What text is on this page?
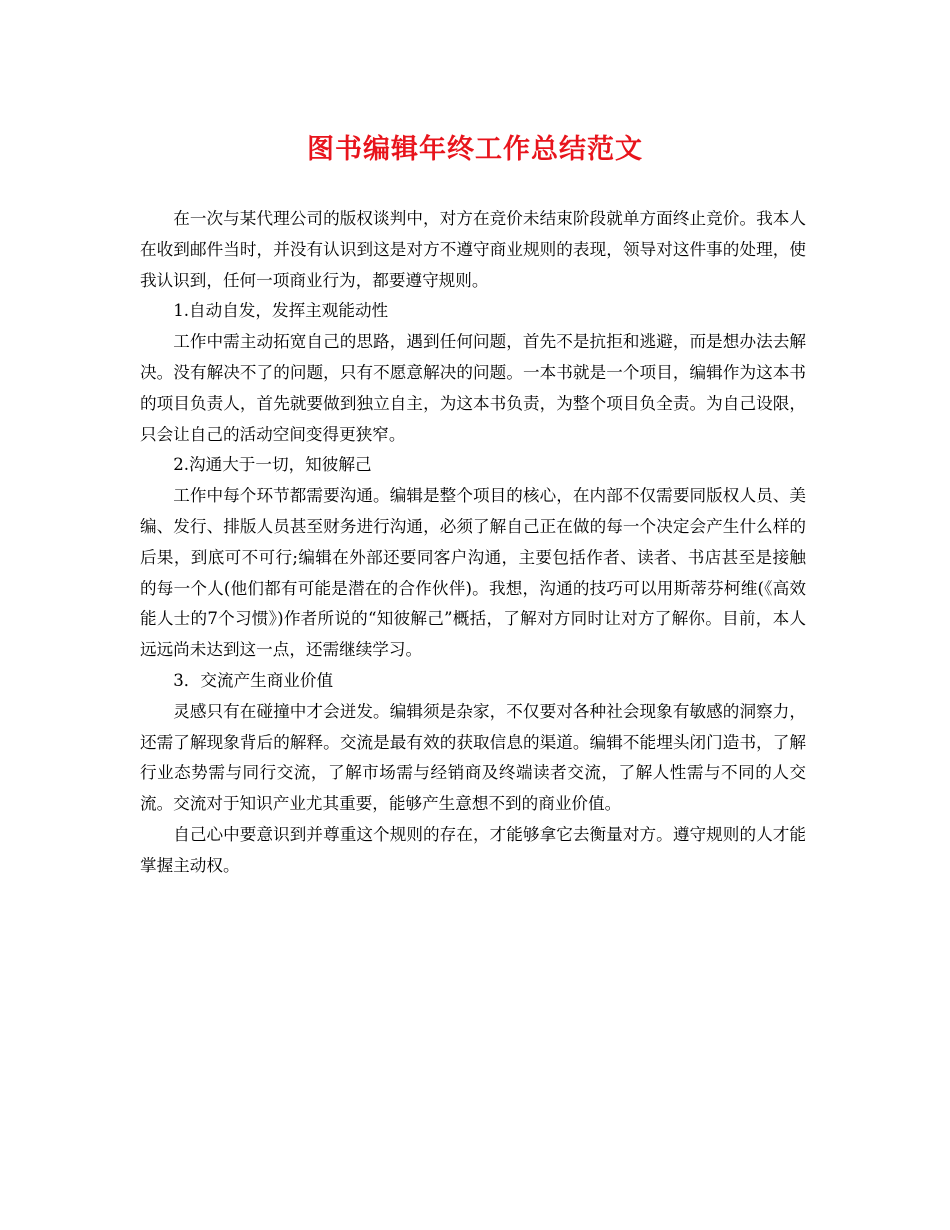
图书编辑年终工作总结范文

在一次与某代理公司的版权谈判中，对方在竞价未结束阶段就单方面终止竞价。我本人在收到邮件当时，并没有认识到这是对方不遵守商业规则的表现，领导对这件事的处理，使我认识到，任何一项商业行为，都要遵守规则。

1.自动自发，发挥主观能动性

工作中需主动拓宽自己的思路，遇到任何问题，首先不是抗拒和逃避，而是想办法去解决。没有解决不了的问题，只有不愿意解决的问题。一本书就是一个项目，编辑作为这本书的项目负责人，首先就要做到独立自主，为这本书负责，为整个项目负全责。为自己设限，只会让自己的活动空间变得更狭窄。

2.沟通大于一切，知彼解己

工作中每个环节都需要沟通。编辑是整个项目的核心，在内部不仅需要同版权人员、美编、发行、排版人员甚至财务进行沟通，必须了解自己正在做的每一个决定会产生什么样的后果，到底可不可行;编辑在外部还要同客户沟通，主要包括作者、读者、书店甚至是接触的每一个人(他们都有可能是潜在的合作伙伴)。我想，沟通的技巧可以用斯蒂芬柯维(《高效能人士的7个习惯》)作者所说的“知彼解己”概括，了解对方同时让对方了解你。目前，本人远远尚未达到这一点，还需继续学习。

3．交流产生商业价值

灵感只有在碰撞中才会迸发。编辑须是杂家，不仅要对各种社会现象有敏感的洞察力，还需了解现象背后的解释。交流是最有效的获取信息的渠道。编辑不能埋头闭门造书，了解行业态势需与同行交流，了解市场需与经销商及终端读者交流，了解人性需与不同的人交流。交流对于知识产业尤其重要，能够产生意想不到的商业价值。

自己心中要意识到并尊重这个规则的存在，才能够拿它去衡量对方。遵守规则的人才能掌握主动权。
